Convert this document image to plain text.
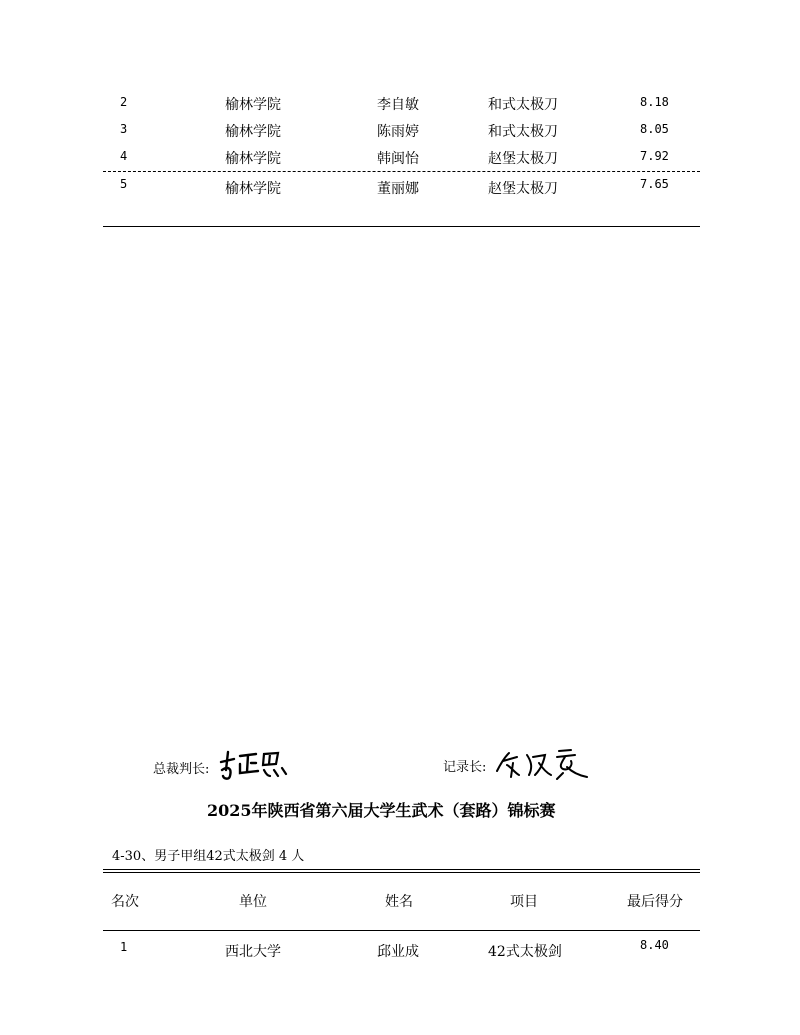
2	榆林学院	李自敏	和式太极刀	8.18
3	榆林学院	陈雨婷	和式太极刀	8.05
4	榆林学院	韩闽怡	赵堡太极刀	7.92
5	榆林学院	董丽娜	赵堡太极刀	7.65
总裁判长:	记录长:
2025年陕西省第六届大学生武术（套路）锦标赛
4-30、男子甲组42式太极剑 4 人
名次	单位	姓名	项目	最后得分
1	西北大学	邱业成	42式太极剑	8.40
